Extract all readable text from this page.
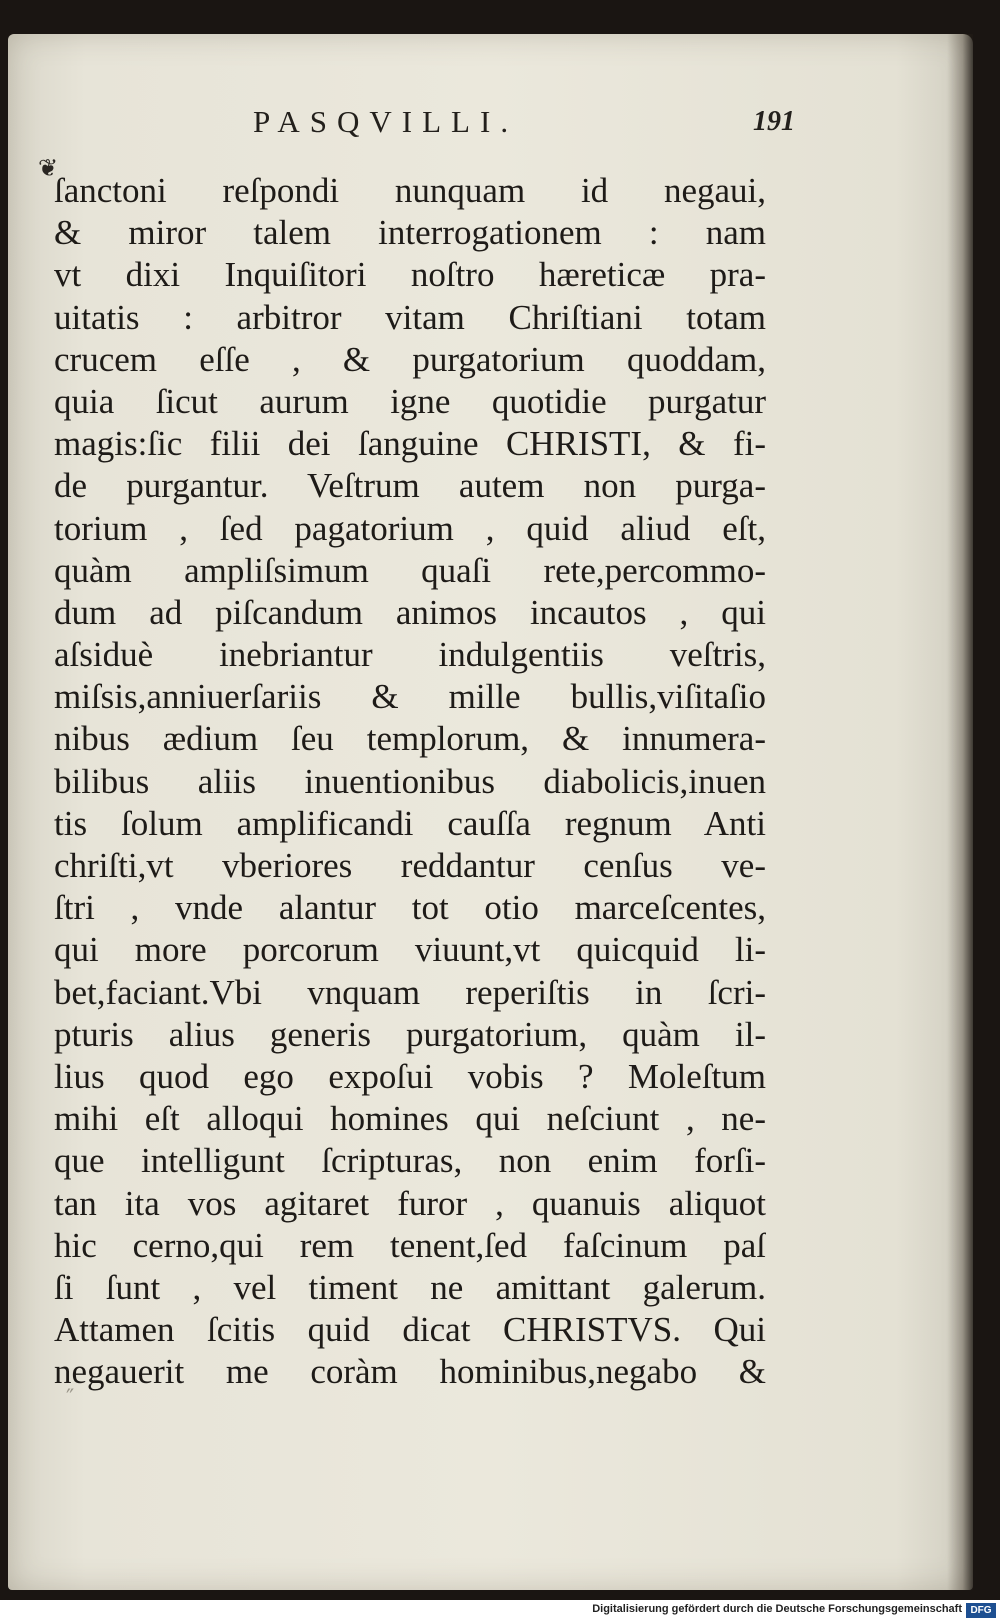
PASQVILLI.	191
❦
ſanctoni reſpondi nunquam id negaui,
& miror talem interrogationem : nam
vt dixi Inquiſitori noſtro hæreticæ pra-
uitatis : arbitror vitam Chriſtiani totam
crucem eſſe , & purgatorium quoddam,
quia ſicut aurum igne quotidie purgatur
magis:ſic filii dei ſanguine CHRISTI, & fi-
de purgantur. Veſtrum autem non purga-
torium , ſed pagatorium , quid aliud eſt,
quàm ampliſsimum quaſi rete,percommo-
dum ad piſcandum animos incautos , qui
aſsiduè inebriantur indulgentiis veſtris,
miſsis,anniuerſariis & mille bullis,viſitaſio
nibus ædium ſeu templorum, & innumera-
bilibus aliis inuentionibus diabolicis,inuen
tis ſolum amplificandi cauſſa regnum Anti
chriſti,vt vberiores reddantur cenſus ve-
ſtri , vnde alantur tot otio marceſcentes,
qui more porcorum viuunt,vt quicquid li-
bet,faciant.Vbi vnquam reperiſtis in ſcri-
pturis alius generis purgatorium, quàm il-
lius quod ego expoſui vobis ? Moleſtum
mihi eſt alloqui homines qui neſciunt , ne-
que intelligunt ſcripturas, non enim forſi-
tan ita vos agitaret furor , quanuis aliquot
hic cerno,qui rem tenent,ſed faſcinum paſ
ſi ſunt , vel timent ne amittant galerum.
Attamen ſcitis quid dicat CHRISTVS. Qui
negauerit me coràm hominibus,negabo &
″
Digitalisierung gefördert durch die Deutsche Forschungsgemeinschaft DFG
